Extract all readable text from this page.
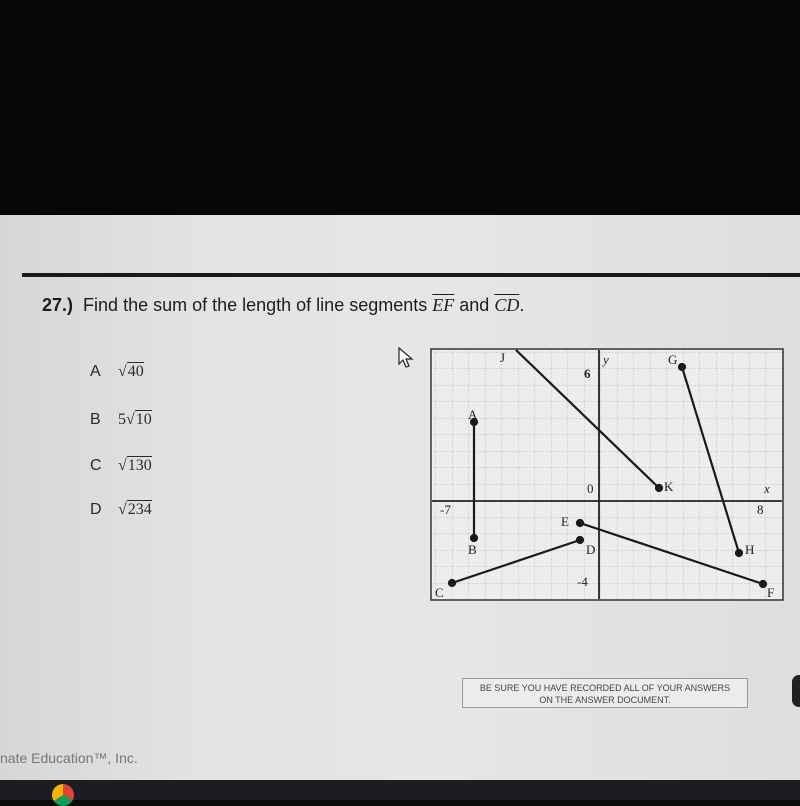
27.) Find the sum of the length of line segments $\overline{EF}$ and $\overline{CD}$.
A	√40
B	5√10
C	√130
D	√234
J	G
A
B
K
E
D	H
C	F
6
y
0
-7	8
x
-4
BE SURE YOU HAVE RECORDED ALL OF YOUR ANSWERS
ON THE ANSWER DOCUMENT.
nate Education™, Inc.
